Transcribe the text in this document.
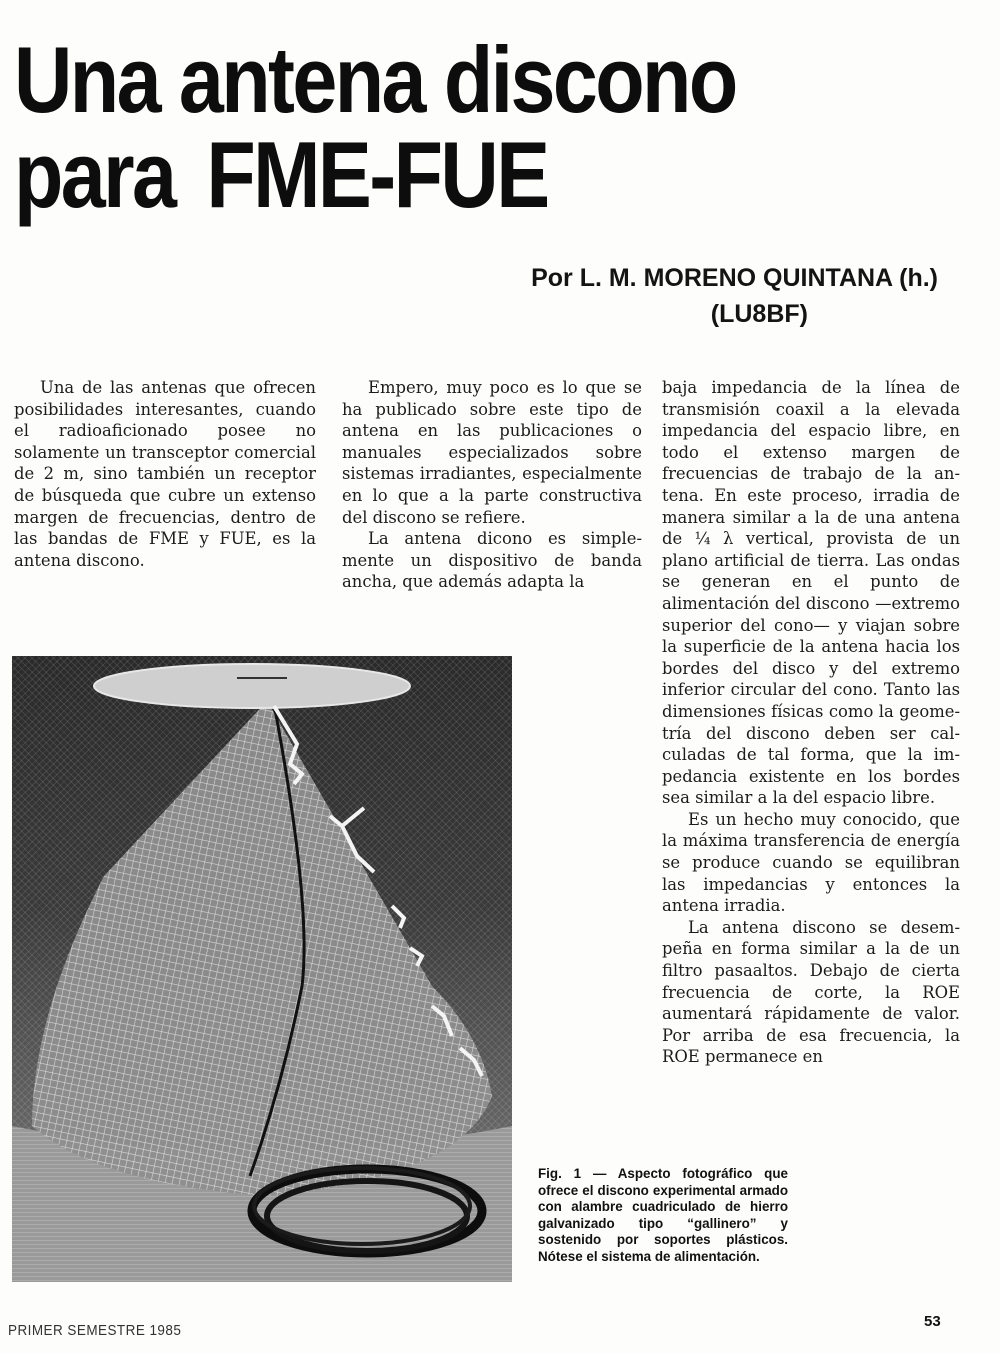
Una antena discono
para FME-FUE
Por L. M. MORENO QUINTANA (h.)
(LU8BF)

Una de las antenas que ofrecen posibilidades interesantes, cuando el radioaficionado posee no solamente un transceptor comercial de 2 m, sino también un receptor de búsqueda que cubre un extenso margen de frecuencias, dentro de las bandas de FME y FUE, es la antena discono.

Empero, muy poco es lo que se ha publicado sobre este tipo de antena en las publicaciones o manuales especializados sobre sistemas irradiantes, especialmente en lo que a la parte constructiva del discono se refiere.

La antena dicono es simplemente un dispositivo de banda ancha, que además adapta la

baja impedancia de la línea de transmisión coaxil a la elevada impedancia del espacio libre, en todo el extenso margen de frecuencias de trabajo de la antena. En este proceso, irradia de manera similar a la de una antena de ¼ λ vertical, provista de un plano artificial de tierra. Las ondas se generan en el punto de alimentación del discono —extremo superior del cono— y viajan sobre la superficie de la antena hacia los bordes del disco y del extremo inferior circular del cono. Tanto las dimensiones físicas como la geometría del discono deben ser calculadas de tal forma, que la impedancia existente en los bordes sea similar a la del espacio libre.

Es un hecho muy conocido, que la máxima transferencia de energía se produce cuando se equilibran las impedancias y entonces la antena irradia.

La antena discono se desempeña en forma similar a la de un filtro pasaaltos. Debajo de cierta frecuencia de corte, la ROE aumentará rápidamente de valor. Por arriba de esa frecuencia, la ROE permanece en

Fig. 1 — Aspecto fotográfico que ofrece el discono experimental armado con alambre cuadriculado de hierro galvanizado tipo “gallinero” y sostenido por soportes plásticos. Nótese el sistema de alimentación.
PRIMER SEMESTRE 1985
53
